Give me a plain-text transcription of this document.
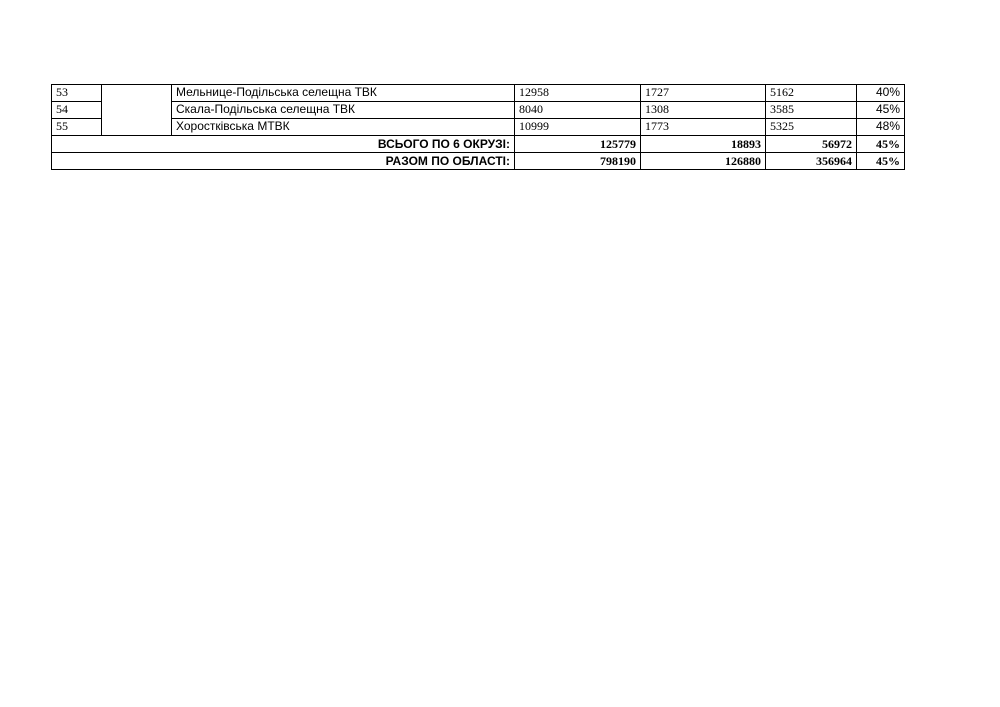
53		Мельнице-Подільська селещна ТВК	12958	1727	5162	40%
54		Скала-Подільська селещна ТВК	8040	1308	3585	45%
55		Хоростківська МТВК	10999	1773	5325	48%
ВСЬОГО ПО 6 ОКРУЗІ:			125779	18893	56972	45%
РАЗОМ ПО ОБЛАСТІ:			798190	126880	356964	45%
